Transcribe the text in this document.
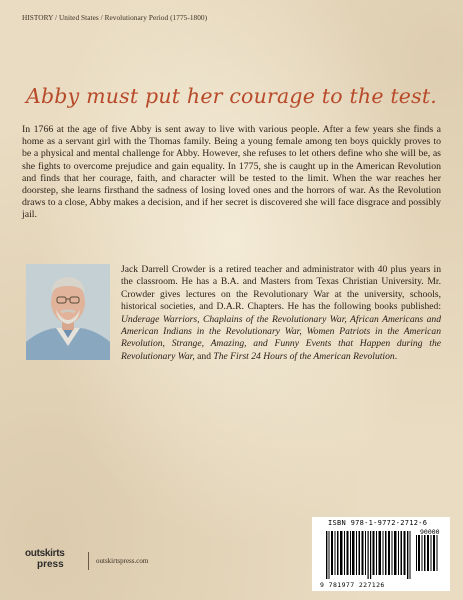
HISTORY / United States / Revolutionary Period (1775-1800)
Abby must put her courage to the test.
In 1766 at the age of five Abby is sent away to live with various people. After a few years she finds a home as a servant girl with the Thomas family. Being a young female among ten boys quickly proves to be a physical and mental challenge for Abby. However, she refuses to let others define who she will be, as she fights to overcome prejudice and gain equality. In 1775, she is caught up in the American Revolution and finds that her courage, faith, and character will be tested to the limit. When the war reaches her doorstep, she learns firsthand the sadness of losing loved ones and the horrors of war. As the Revolution draws to a close, Abby makes a decision, and if her secret is discovered she will face disgrace and possibly jail.
Jack Darrell Crowder is a retired teacher and administrator with 40 plus years in the classroom. He has a B.A. and Masters from Texas Christian University. Mr. Crowder gives lectures on the Revolutionary War at the university, schools, historical societies, and D.A.R. Chapters. He has the following books published: Underage Warriors, Chaplains of the Revolutionary War, African Americans and American Indians in the Revolutionary War, Women Patriots in the American Revolution, Strange, Amazing, and Funny Events that Happen during the Revolutionary War, and The First 24 Hours of the American Revolution.
ISBN 978-1-9772-2712-6
90000
9 781977 227126
outskirts
press	outskirtspress.com
